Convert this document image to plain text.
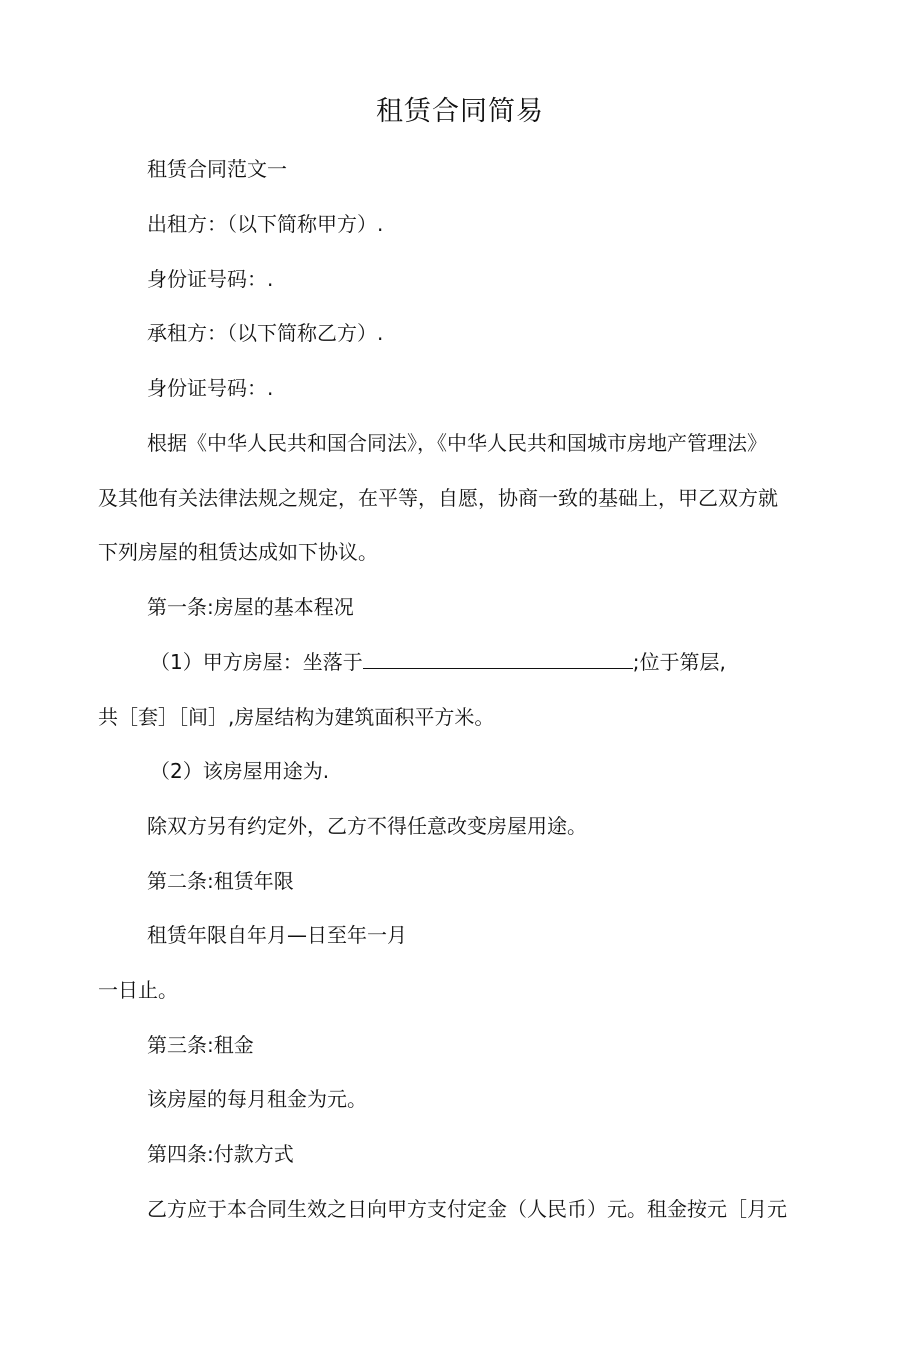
租赁合同简易
租赁合同范文一
出租方：（以下简称甲方）.
身份证号码：.
承租方：（以下简称乙方）.
身份证号码：.
根据《中华人民共和国合同法》，《中华人民共和国城市房地产管理法》
及其他有关法律法规之规定，在平等，自愿，协商一致的基础上，甲乙双方就
下列房屋的租赁达成如下协议。
第一条:房屋的基本程况
（1）甲方房屋：坐落于	;位于第层,
共［套］［间］,房屋结构为建筑面积平方米。
（2）该房屋用途为.
除双方另有约定外，乙方不得任意改变房屋用途。
第二条:租赁年限
租赁年限自年月—日至年一月
一日止。
第三条:租金
该房屋的每月租金为元。
第四条:付款方式
乙方应于本合同生效之日向甲方支付定金（人民币）元。租金按元［月元
